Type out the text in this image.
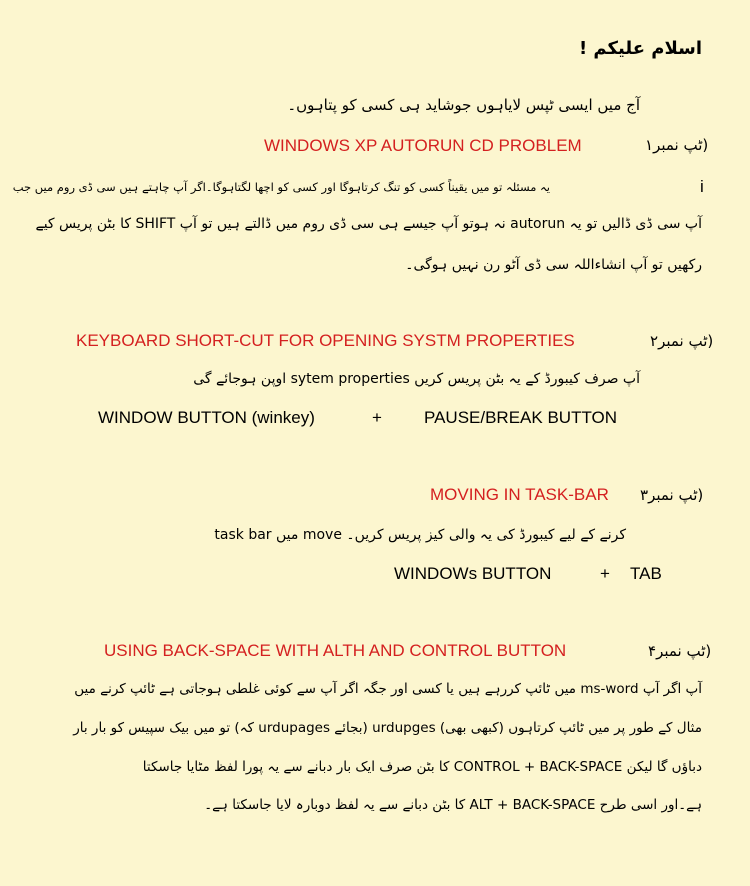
اسلام علیکم !
آج میں ایسی ٹپس لایاہوں جوشاید ہی کسی کو پتاہوں۔
ٹپ نمبر۱)
WINDOWS XP AUTORUN CD PROBLEM
i
یہ مسئلہ تو میں یقیناً کسی کو تنگ کرتاہوگا اور کسی کو اچھا لگتاہوگا۔اگر آپ چاہتے ہیں سی ڈی روم میں جب
آپ سی ڈی ڈالیں تو یہ autorun نہ ہوتو آپ جیسے ہی سی ڈی روم میں ڈالتے ہیں تو آپ SHIFT کا بٹن پریس کیے
رکھیں تو آپ انشاءاللہ سی ڈی آٹو رن نہیں ہوگی۔
ٹپ نمبر۲)
KEYBOARD SHORT-CUT FOR OPENING SYSTM PROPERTIES
آپ صرف کیبورڈ کے یہ بٹن پریس کریں sytem properties اوپن ہوجائے گی
WINDOW BUTTON (winkey)	+ PAUSE/BREAK BUTTON
ٹپ نمبر۳)
MOVING IN TASK-BAR
task bar میں move کرنے کے لیے کیبورڈ کی یہ والی کیز پریس کریں۔
WINDOWs BUTTON	+ TAB
ٹپ نمبر۴)
USING BACK-SPACE WITH ALTH AND CONTROL BUTTON
آپ اگر آپ ms-word میں ٹائپ کررہے ہیں یا کسی اور جگہ اگر آپ سے کوئی غلطی ہوجاتی ہے ٹائپ کرنے میں
مثال کے طور پر میں ٹائپ کرتاہوں (کبھی بھی) urdupges (بجائے urdupages کہ) تو میں بیک سپیس کو بار بار
دباؤں گا لیکن CONTROL + BACK-SPACE کا بٹن صرف ایک بار دبانے سے یہ پورا لفظ مٹایا جاسکتا
ہے۔اور اسی طرح ALT + BACK-SPACE کا بٹن دبانے سے یہ لفظ دوبارہ لایا جاسکتا ہے۔
